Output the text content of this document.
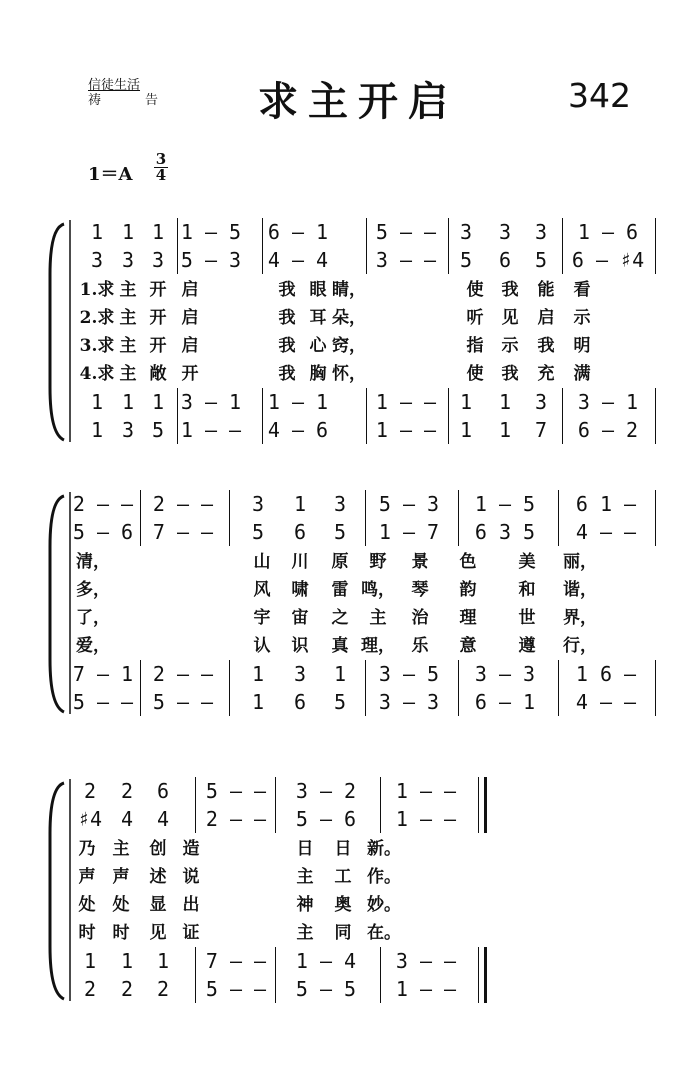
信徒生活
祷	告	求主开启	342
1＝A
3
4
1 1 1 1 — 5 6 — 1 5 — — 3 3 3 1 — 6
3 3 3 5 — 3 4 — 4 3 — — 5 6 5 6 — ♯4
1 1 1 3 — 1 1 — 1 1 — — 1 1 3 3 — 1
1 3 5 1 — — 4 — 6 1 — — 1 1 7 6 — 2
1.求 主 开 启	我 眼 睛，	使 我 能 看
2.求 主 开 启	我 耳 朵，	听 见 启 示
3.求 主 开 启	我 心 窍，	指 示 我 明
4.求 主 敞 开	我 胸 怀，	使 我 充 满
2 — — 2 — — 3 1 3 5 — 3 1 — 5 6 1 —
5 — 6 7 — — 5 6 5 1 — 7 6 3 5 4 — —
7 — 1 2 — — 1 3 1 3 — 5 3 — 3 1 6 —
5 — — 5 — — 1 6 5 3 — 3 6 — 1 4 — —
清，	山 川 原 野 景 色 美 丽，
多，	风 啸 雷 鸣， 琴 韵 和 谐，
了，	宇 宙 之 主 治 理 世 界，
爱，	认 识 真 理， 乐 意 遵 行，
2 2 6 5 — — 3 — 2 1 — —
♯4 4 4 2 — — 5 — 6 1 — —
1 1 1 7 — — 1 — 4 3 — —
2 2 2 5 — — 5 — 5 1 — —
乃 主 创 造	日 日 新。
声 声 述 说	主 工 作。
处 处 显 出	神 奥 妙。
时 时 见 证	主 同 在。
